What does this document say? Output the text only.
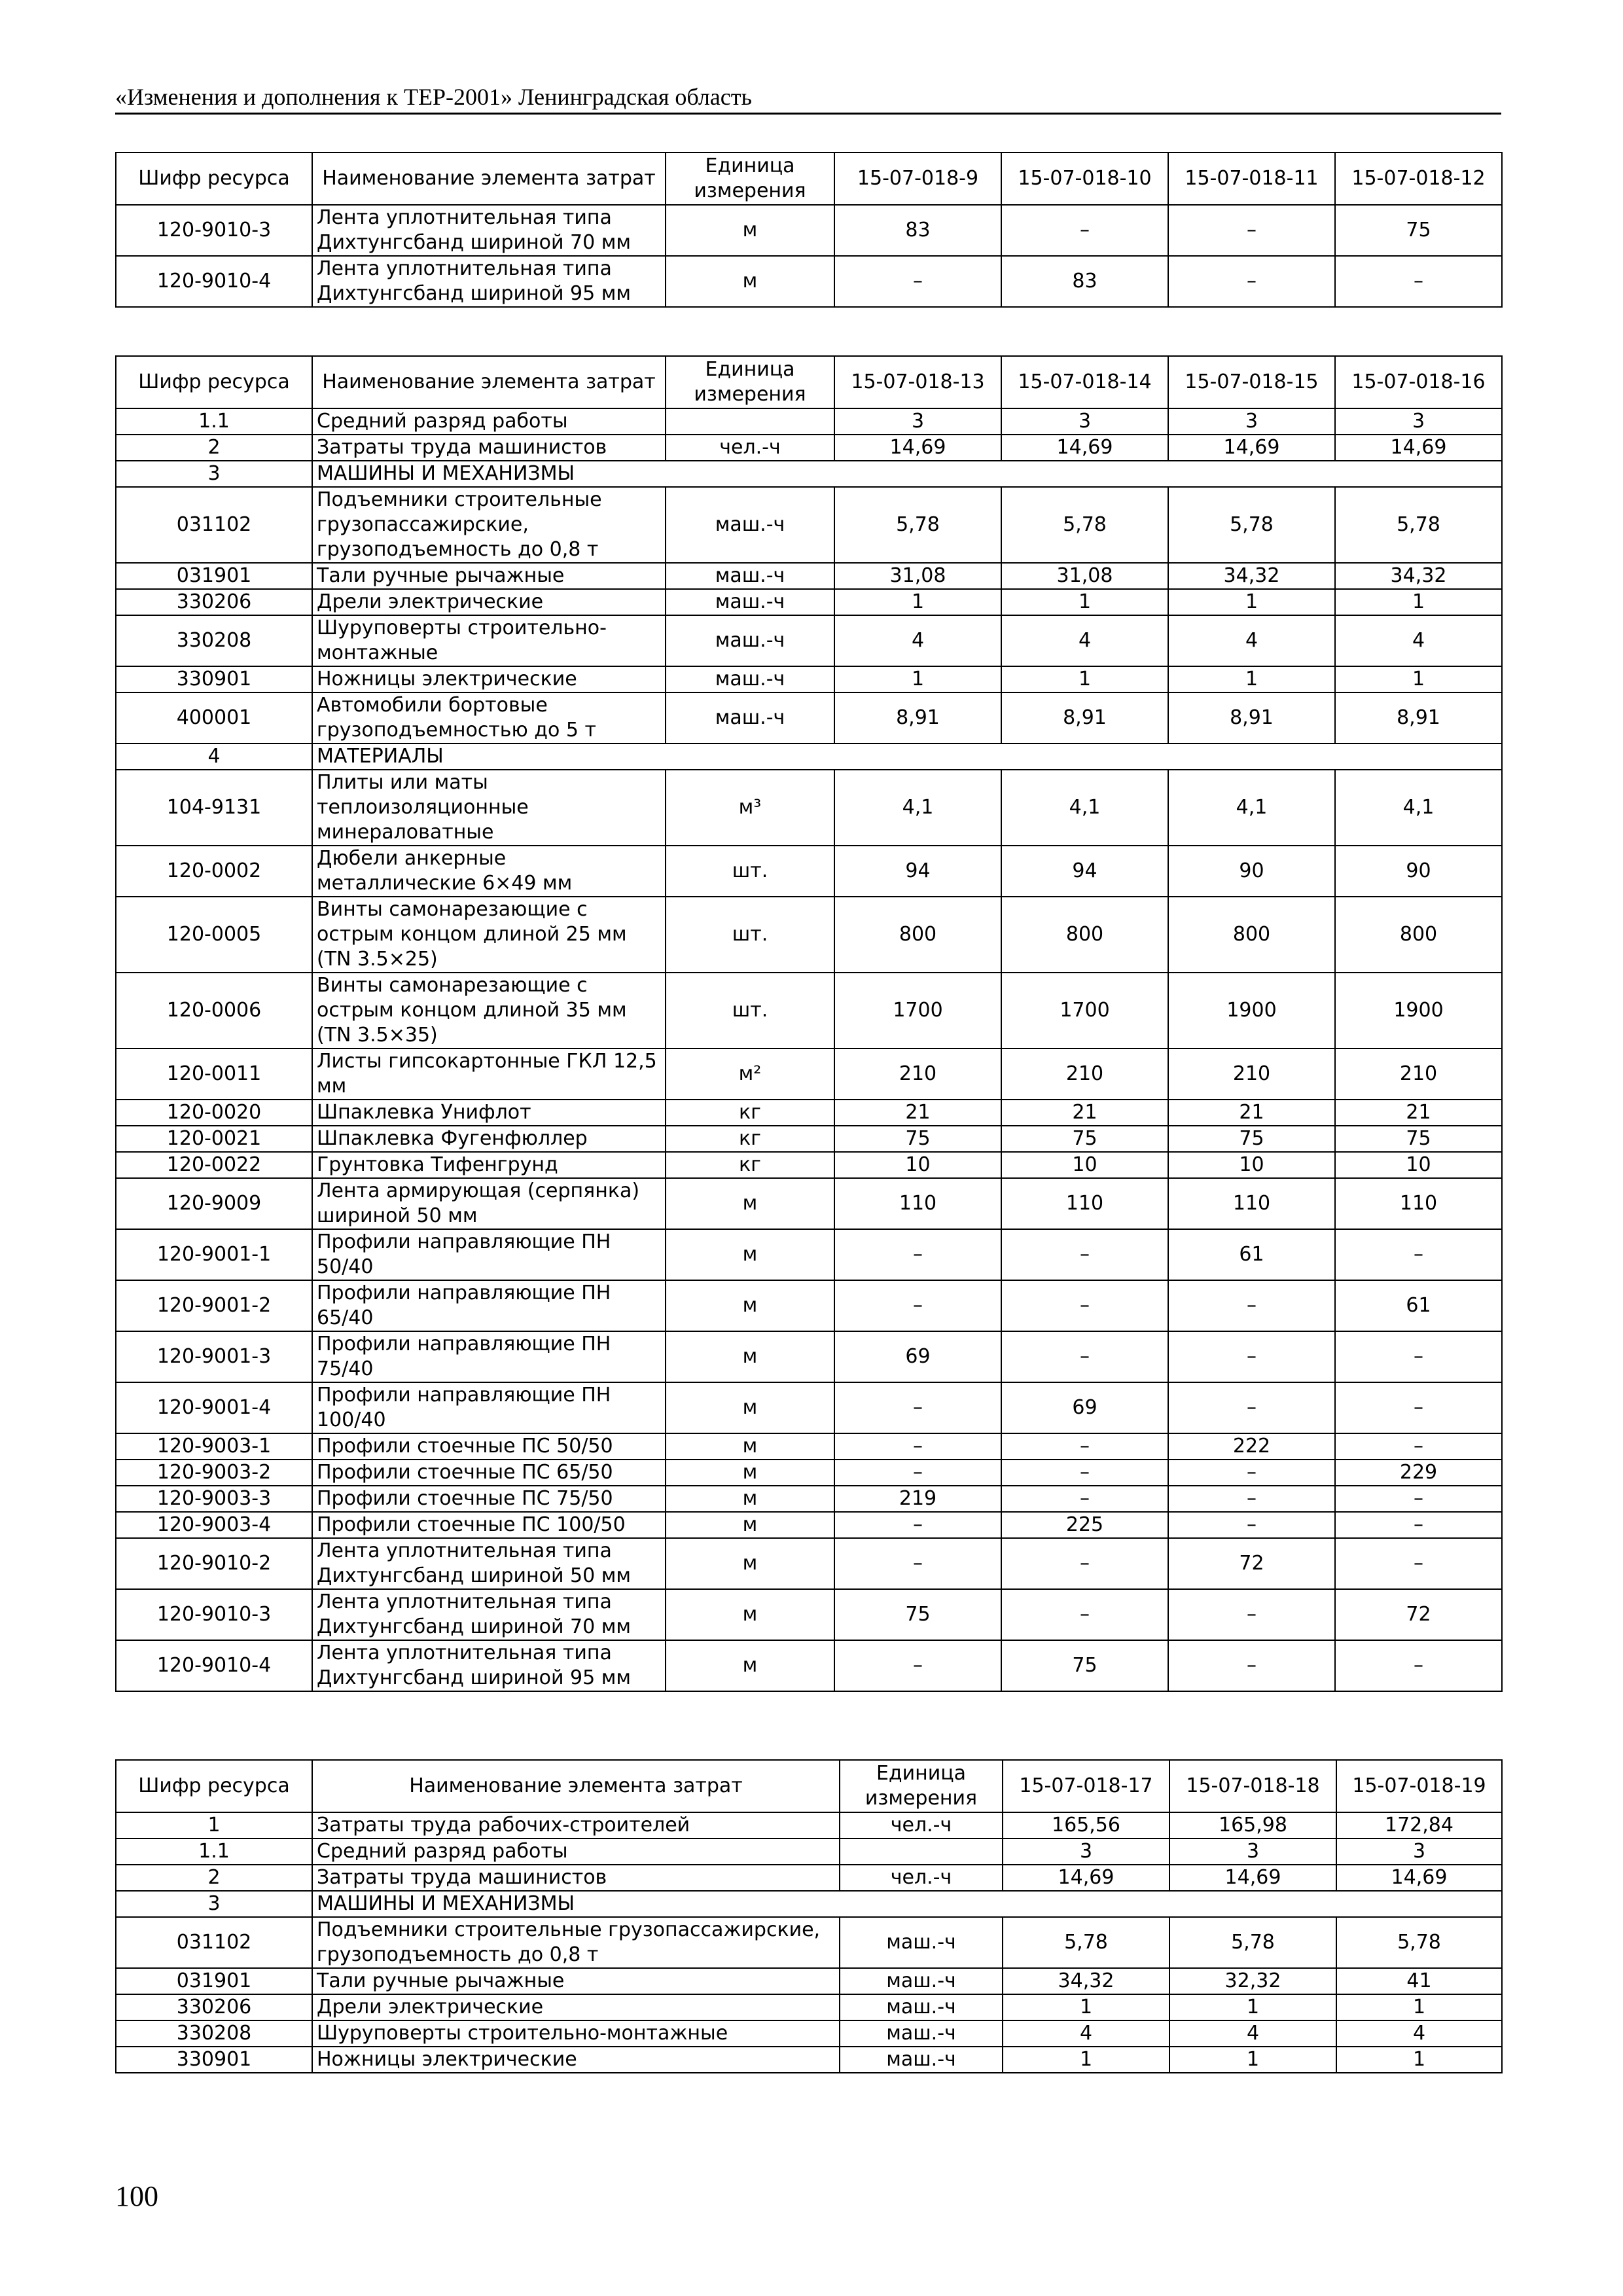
«Изменения и дополнения к ТЕР-2001» Ленинградская область
Шифр ресурса	Наименование элемента затрат	Единица измерения	15-07-018-9	15-07-018-10	15-07-018-11	15-07-018-12
120-9010-3	Лента уплотнительная типа Дихтунгсбанд шириной 70 мм	м	83	–	–	75
120-9010-4	Лента уплотнительная типа Дихтунгсбанд шириной 95 мм	м	–	83	–	–
Шифр ресурса	Наименование элемента затрат	Единица измерения	15-07-018-13	15-07-018-14	15-07-018-15	15-07-018-16
1.1	Средний разряд работы		3	3	3	3
2	Затраты труда машинистов	чел.-ч	14,69	14,69	14,69	14,69
3	МАШИНЫ И МЕХАНИЗМЫ					
031102	Подъемники строительные грузопассажирские, грузоподъемность до 0,8 т	маш.-ч	5,78	5,78	5,78	5,78
031901	Тали ручные рычажные	маш.-ч	31,08	31,08	34,32	34,32
330206	Дрели электрические	маш.-ч	1	1	1	1
330208	Шуруповерты строительно-монтажные	маш.-ч	4	4	4	4
330901	Ножницы электрические	маш.-ч	1	1	1	1
400001	Автомобили бортовые грузоподъемностью до 5 т	маш.-ч	8,91	8,91	8,91	8,91
4	МАТЕРИАЛЫ					
104-9131	Плиты или маты теплоизоляционные минераловатные	м³	4,1	4,1	4,1	4,1
120-0002	Дюбели анкерные металлические 6×49 мм	шт.	94	94	90	90
120-0005	Винты самонарезающие с острым концом длиной 25 мм (TN 3.5×25)	шт.	800	800	800	800
120-0006	Винты самонарезающие с острым концом длиной 35 мм (TN 3.5×35)	шт.	1700	1700	1900	1900
120-0011	Листы гипсокартонные ГКЛ 12,5 мм	м²	210	210	210	210
120-0020	Шпаклевка Унифлот	кг	21	21	21	21
120-0021	Шпаклевка Фугенфюллер	кг	75	75	75	75
120-0022	Грунтовка Тифенгрунд	кг	10	10	10	10
120-9009	Лента армирующая (серпянка) шириной 50 мм	м	110	110	110	110
120-9001-1	Профили направляющие ПН 50/40	м	–	–	61	–
120-9001-2	Профили направляющие ПН 65/40	м	–	–	–	61
120-9001-3	Профили направляющие ПН 75/40	м	69	–	–	–
120-9001-4	Профили направляющие ПН 100/40	м	–	69	–	–
120-9003-1	Профили стоечные ПС 50/50	м	–	–	222	–
120-9003-2	Профили стоечные ПС 65/50	м	–	–	–	229
120-9003-3	Профили стоечные ПС 75/50	м	219	–	–	–
120-9003-4	Профили стоечные ПС 100/50	м	–	225	–	–
120-9010-2	Лента уплотнительная типа Дихтунгсбанд шириной 50 мм	м	–	–	72	–
120-9010-3	Лента уплотнительная типа Дихтунгсбанд шириной 70 мм	м	75	–	–	72
120-9010-4	Лента уплотнительная типа Дихтунгсбанд шириной 95 мм	м	–	75	–	–
Шифр ресурса	Наименование элемента затрат	Единица измерения	15-07-018-17	15-07-018-18	15-07-018-19
1	Затраты труда рабочих-строителей	чел.-ч	165,56	165,98	172,84
1.1	Средний разряд работы		3	3	3
2	Затраты труда машинистов	чел.-ч	14,69	14,69	14,69
3	МАШИНЫ И МЕХАНИЗМЫ				
031102	Подъемники строительные грузопассажирские, грузоподъемность до 0,8 т	маш.-ч	5,78	5,78	5,78
031901	Тали ручные рычажные	маш.-ч	34,32	32,32	41
330206	Дрели электрические	маш.-ч	1	1	1
330208	Шуруповерты строительно-монтажные	маш.-ч	4	4	4
330901	Ножницы электрические	маш.-ч	1	1	1
100
